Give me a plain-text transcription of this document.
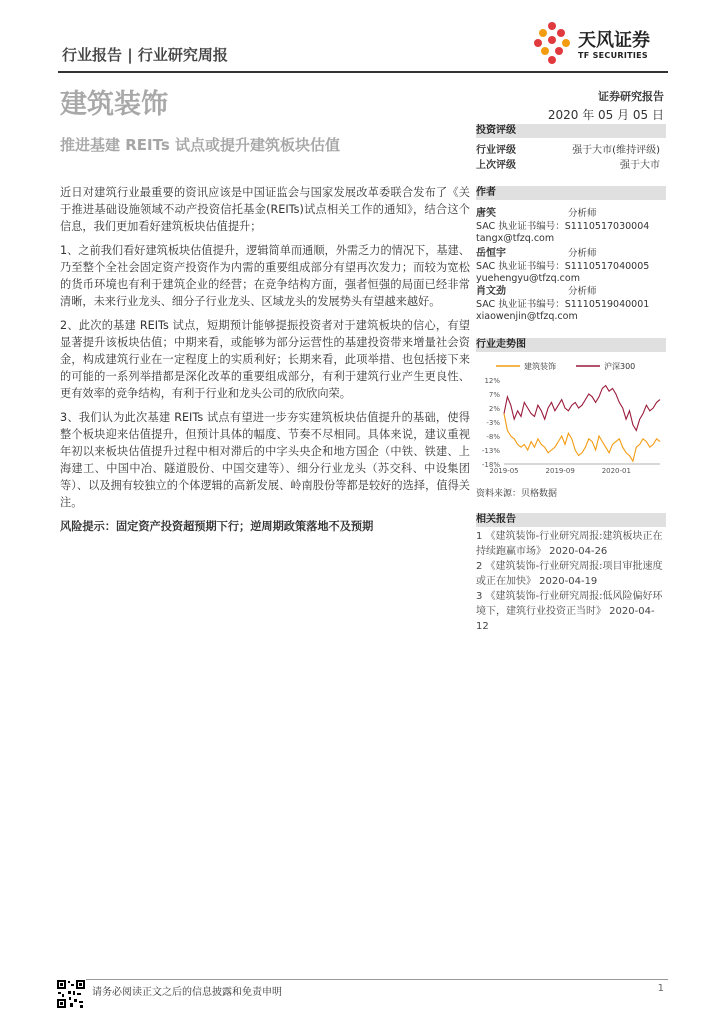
行业报告 | 行业研究周报
天风证券
TF SECURITIES
建筑装饰	证券研究报告
2020 年 05 月 05 日
推进基建 REITs 试点或提升建筑板块估值

近日对建筑行业最重要的资讯应该是中国证监会与国家发展改革委联合发布了《关于推进基础设施领域不动产投资信托基金(REITs)试点相关工作的通知》，结合这个信息，我们更加看好建筑板块估值提升；

1、之前我们看好建筑板块估值提升，逻辑简单而通顺，外需乏力的情况下，基建、乃至整个全社会固定资产投资作为内需的重要组成部分有望再次发力；而较为宽松的货币环境也有利于建筑企业的经营；在竞争结构方面，强者恒强的局面已经非常清晰，未来行业龙头、细分子行业龙头、区域龙头的发展势头有望越来越好。

2、此次的基建 REITs 试点，短期预计能够提振投资者对于建筑板块的信心，有望显著提升该板块估值；中期来看，或能够为部分运营性的基建投资带来增量社会资金，构成建筑行业在一定程度上的实质利好；长期来看，此项举措、也包括接下来的可能的一系列举措都是深化改革的重要组成部分，有利于建筑行业产生更良性、更有效率的竞争结构，有利于行业和龙头公司的欣欣向荣。

3、我们认为此次基建 REITs 试点有望进一步夯实建筑板块估值提升的基础，使得整个板块迎来估值提升，但预计具体的幅度、节奏不尽相同。具体来说，建议重视年初以来板块估值提升过程中相对滞后的中字头央企和地方国企（中铁、铁建、上海建工、中国中冶、隧道股份、中国交建等）、细分行业龙头（苏交科、中设集团等）、以及拥有较独立的个体逻辑的高新发展、岭南股份等都是较好的选择，值得关注。

风险提示：固定资产投资超预期下行；逆周期政策落地不及预期

投资评级
行业评级	强于大市(维持评级)
上次评级	强于大市
作者
唐笑	分析师
SAC 执业证书编号：S1110517030004
tangx@tfzq.com
岳恒宇	分析师
SAC 执业证书编号：S1110517040005
yuehengyu@tfzq.com
肖文劲	分析师
SAC 执业证书编号：S1110519040001
xiaowenjin@tfzq.com
行业走势图
建筑装饰	沪深300
12%
7%
2%
-3%
-8%
-13%
-18%
2019-05	2019-09	2020-01
资料来源：贝格数据
相关报告

1 《建筑装饰-行业研究周报:建筑板块正在持续跑赢市场》 2020-04-26

2 《建筑装饰-行业研究周报:项目审批速度或正在加快》 2020-04-19

3 《建筑装饰-行业研究周报:低风险偏好环境下，建筑行业投资正当时》 2020-04-12

请务必阅读正文之后的信息披露和免责申明	1
